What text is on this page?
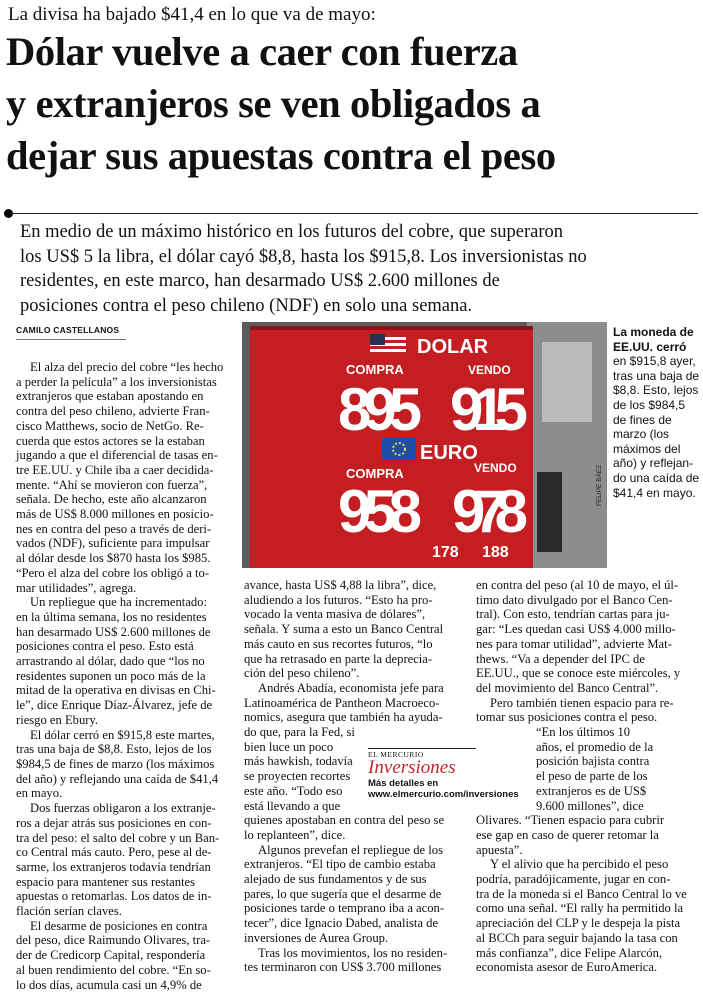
La divisa ha bajado $41,4 en lo que va de mayo:
Dólar vuelve a caer con fuerza
y extranjeros se ven obligados a
dejar sus apuestas contra el peso
En medio de un máximo histórico en los futuros del cobre, que superaron
los US$ 5 la libra, el dólar cayó $8,8, hasta los $915,8. Los inversionistas no
residentes, en este marco, han desarmado US$ 2.600 millones de
posiciones contra el peso chileno (NDF) en solo una semana.
CAMILO CASTELLANOS
DOLAR
COMPRA	VENDO
895 915
EURO
COMPRA	VENDO
958 978
178 188
FELIPE BÁEZ
La moneda de
EE.UU. cerró
en $915,8 ayer,
tras una baja de
$8,8. Esto, lejos
de los $984,5
de fines de
marzo (los
máximos del
año) y reflejan-
do una caída de
$41,4 en mayo.
El alza del precio del cobre “les hecho
a perder la película” a los inversionistas
extranjeros que estaban apostando en
contra del peso chileno, advierte Fran-
cisco Matthews, socio de NetGo. Re-
cuerda que estos actores se la estaban
jugando a que el diferencial de tasas en-
tre EE.UU. y Chile iba a caer decidida-
mente. “Ahí se movieron con fuerza”,
señala. De hecho, este año alcanzaron
más de US$ 8.000 millones en posicio-
nes en contra del peso a través de deri-
vados (NDF), suficiente para impulsar
al dólar desde los $870 hasta los $985.
“Pero el alza del cobre los obligó a to-
mar utilidades”, agrega.
Un repliegue que ha incrementado:
en la última semana, los no residentes
han desarmado US$ 2.600 millones de
posiciones contra el peso. Esto está
arrastrando al dólar, dado que “los no
residentes suponen un poco más de la
mitad de la operativa en divisas en Chi-
le”, dice Enrique Díaz-Álvarez, jefe de
riesgo en Ebury.
El dólar cerró en $915,8 este martes,
tras una baja de $8,8. Esto, lejos de los
$984,5 de fines de marzo (los máximos
del año) y reflejando una caída de $41,4
en mayo.
Dos fuerzas obligaron a los extranje-
ros a dejar atrás sus posiciones en con-
tra del peso: el salto del cobre y un Ban-
co Central más cauto. Pero, pese al de-
sarme, los extranjeros todavía tendrían
espacio para mantener sus restantes
apuestas o retomarlas. Los datos de in-
flación serían claves.
El desarme de posiciones en contra
del peso, dice Raimundo Olivares, tra-
der de Credicorp Capital, respondería
al buen rendimiento del cobre. “En so-
lo dos días, acumula casi un 4,9% de
avance, hasta US$ 4,88 la libra”, dice,
aludiendo a los futuros. “Esto ha pro-
vocado la venta masiva de dólares”,
señala. Y suma a esto un Banco Central
más cauto en sus recortes futuros, “lo
que ha retrasado en parte la deprecia-
ción del peso chileno”.
Andrés Abadía, economista jefe para
Latinoamérica de Pantheon Macroeco-
nomics, asegura que también ha ayuda-
do que, para la Fed, si
bien luce un poco
más hawkish, todavía
se proyecten recortes
este año. “Todo eso
está llevando a que
quienes apostaban en contra del peso se
lo replanteen”, dice.
Algunos prevefan el repliegue de los
extranjeros. “El tipo de cambio estaba
alejado de sus fundamentos y de sus
pares, lo que sugería que el desarme de
posiciones tarde o temprano iba a acon-
tecer”, dice Ignacio Dabed, analista de
inversiones de Aurea Group.
Tras los movimientos, los no residen-
tes terminaron con US$ 3.700 millones
EL MERCURIO
Inversiones
Más detalles en
www.elmercurio.com/inversiones
en contra del peso (al 10 de mayo, el úl-
timo dato divulgado por el Banco Cen-
tral). Con esto, tendrían cartas para ju-
gar: “Les quedan casi US$ 4.000 millo-
nes para tomar utilidad”, advierte Mat-
thews. “Va a depender del IPC de
EE.UU., que se conoce este miércoles, y
del movimiento del Banco Central”.
Pero también tienen espacio para re-
tomar sus posiciones contra el peso.
“En los últimos 10
años, el promedio de la
posición bajista contra
el peso de parte de los
extranjeros es de US$
9.600 millones”, dice
Olivares. “Tienen espacio para cubrir
ese gap en caso de querer retomar la
apuesta”.
Y el alivio que ha percibido el peso
podría, paradójicamente, jugar en con-
tra de la moneda si el Banco Central lo ve
como una señal. “El rally ha permitido la
apreciación del CLP y le despeja la pista
al BCCh para seguir bajando la tasa con
más confianza”, dice Felipe Alarcón,
economista asesor de EuroAmerica.
